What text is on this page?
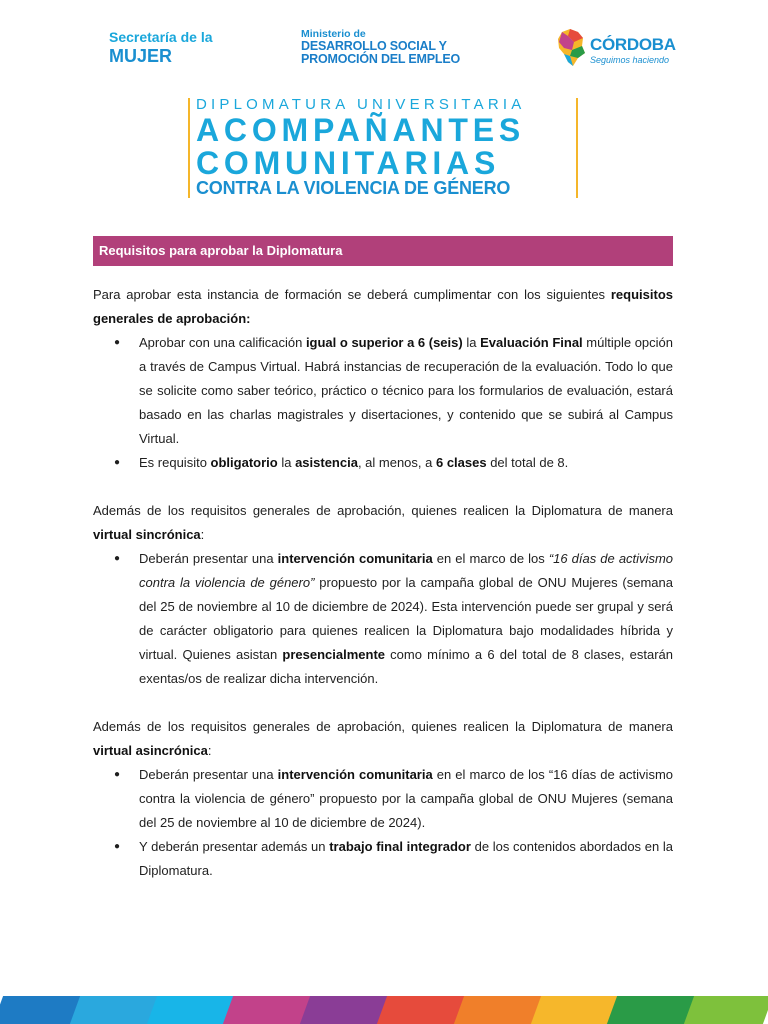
Secretaría de la
MUJER
Ministerio de
DESARROLLO SOCIAL Y
PROMOCIÓN DEL EMPLEO
CÓRDOBA
Seguimos haciendo
DIPLOMATURA UNIVERSITARIA
ACOMPAÑANTES
COMUNITARIAS
CONTRA LA VIOLENCIA DE GÉNERO
Requisitos para aprobar la Diplomatura

Para aprobar esta instancia de formación se deberá cumplimentar con los siguientes requisitos generales de aprobación:

● Aprobar con una calificación igual o superior a 6 (seis) la Evaluación Final múltiple opción a través de Campus Virtual. Habrá instancias de recuperación de la evaluación. Todo lo que se solicite como saber teórico, práctico o técnico para los formularios de evaluación, estará basado en las charlas magistrales y disertaciones, y contenido que se subirá al Campus Virtual.
● Es requisito obligatorio la asistencia, al menos, a 6 clases del total de 8.

Además de los requisitos generales de aprobación, quienes realicen la Diplomatura de manera virtual sincrónica:

● Deberán presentar una intervención comunitaria en el marco de los “16 días de activismo contra la violencia de género” propuesto por la campaña global de ONU Mujeres (semana del 25 de noviembre al 10 de diciembre de 2024). Esta intervención puede ser grupal y será de carácter obligatorio para quienes realicen la Diplomatura bajo modalidades híbrida y virtual. Quienes asistan presencialmente como mínimo a 6 del total de 8 clases, estarán exentas/os de realizar dicha intervención.

Además de los requisitos generales de aprobación, quienes realicen la Diplomatura de manera virtual asincrónica:

● Deberán presentar una intervención comunitaria en el marco de los “16 días de activismo contra la violencia de género” propuesto por la campaña global de ONU Mujeres (semana del 25 de noviembre al 10 de diciembre de 2024).
● Y deberán presentar además un trabajo final integrador de los contenidos abordados en la Diplomatura.
